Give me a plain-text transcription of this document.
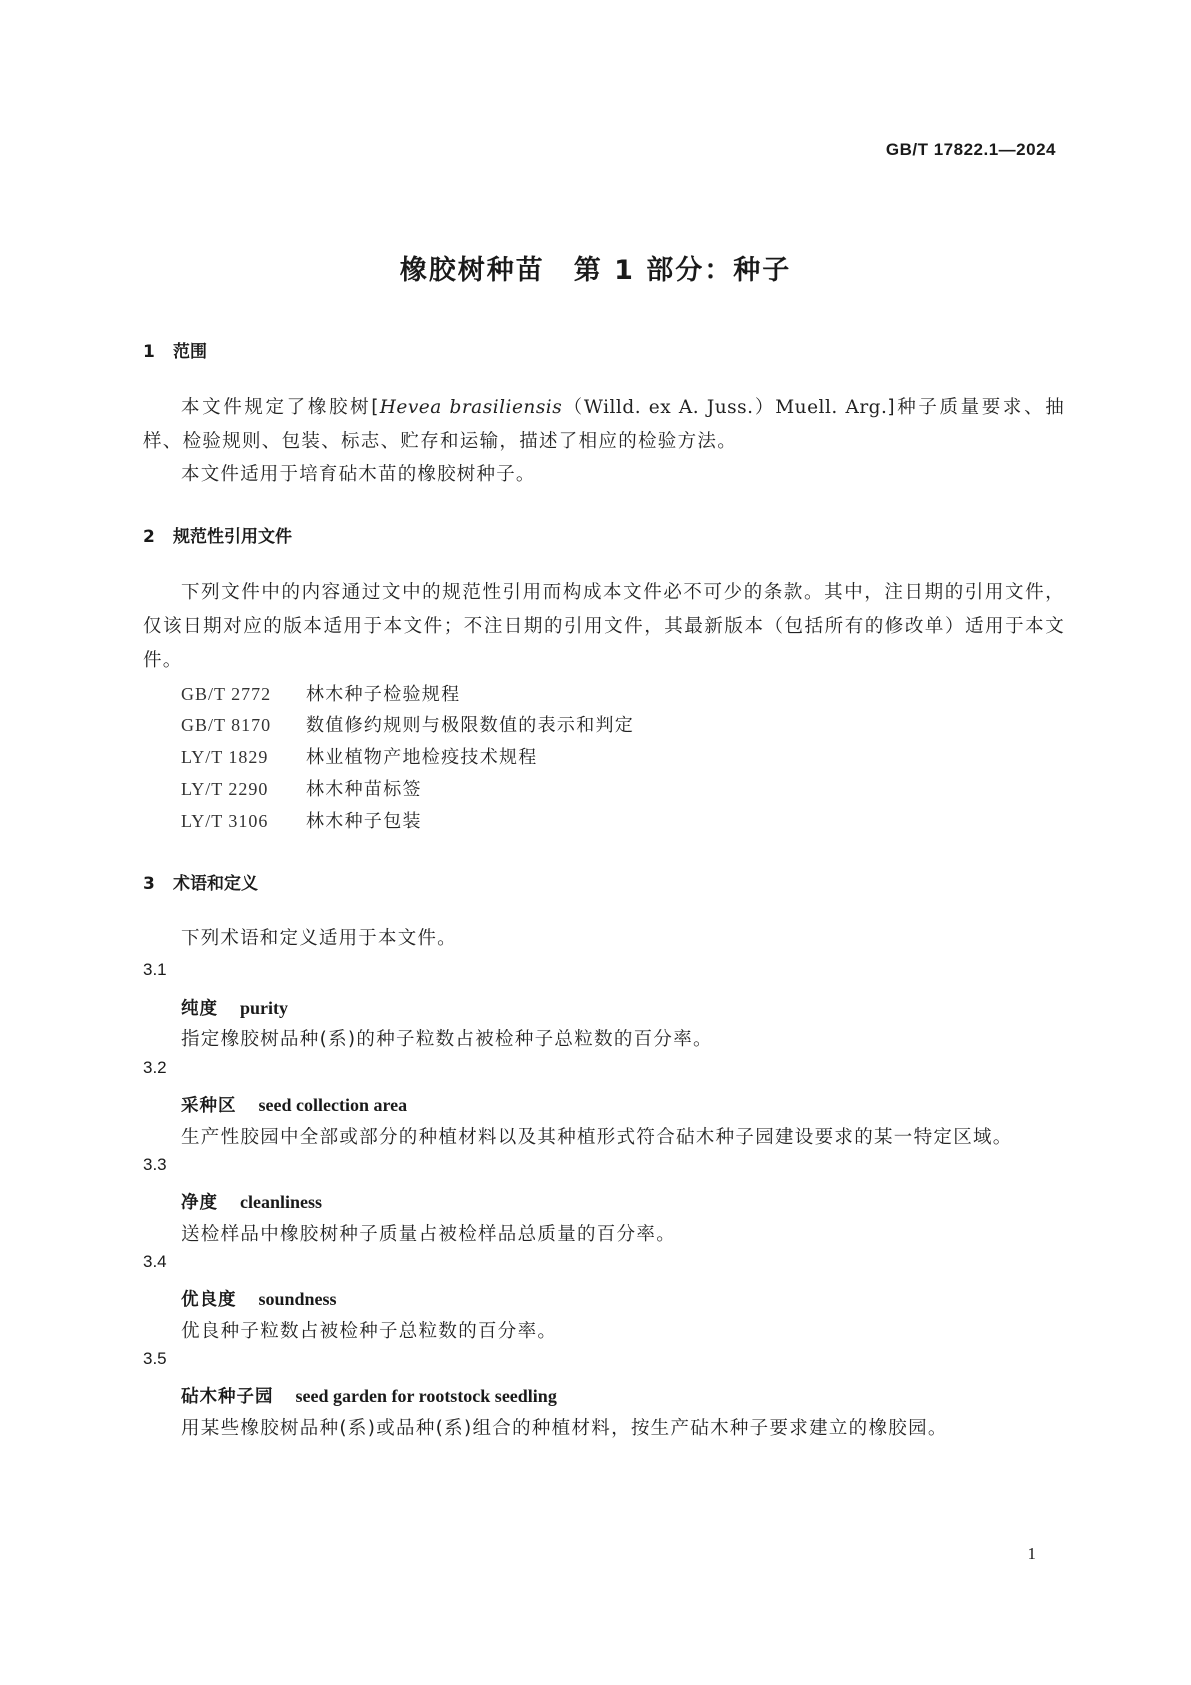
GB/T 17822.1—2024
橡胶树种苗　第 1 部分：种子
1 范围
本文件规定了橡胶树[Hevea brasiliensis（Willd. ex A. Juss.）Muell. Arg.]种子质量要求、抽样、检验规则、包装、标志、贮存和运输，描述了相应的检验方法。
本文件适用于培育砧木苗的橡胶树种子。
2 规范性引用文件
下列文件中的内容通过文中的规范性引用而构成本文件必不可少的条款。其中，注日期的引用文件，仅该日期对应的版本适用于本文件；不注日期的引用文件，其最新版本（包括所有的修改单）适用于本文件。
GB/T 2772 林木种子检验规程
GB/T 8170 数值修约规则与极限数值的表示和判定
LY/T 1829 林业植物产地检疫技术规程
LY/T 2290 林木种苗标签
LY/T 3106 林木种子包装
3 术语和定义
下列术语和定义适用于本文件。
3.1
纯度 purity
指定橡胶树品种(系)的种子粒数占被检种子总粒数的百分率。
3.2
采种区 seed collection area
生产性胶园中全部或部分的种植材料以及其种植形式符合砧木种子园建设要求的某一特定区域。
3.3
净度 cleanliness
送检样品中橡胶树种子质量占被检样品总质量的百分率。
3.4
优良度 soundness
优良种子粒数占被检种子总粒数的百分率。
3.5
砧木种子园 seed garden for rootstock seedling
用某些橡胶树品种(系)或品种(系)组合的种植材料，按生产砧木种子要求建立的橡胶园。
1
